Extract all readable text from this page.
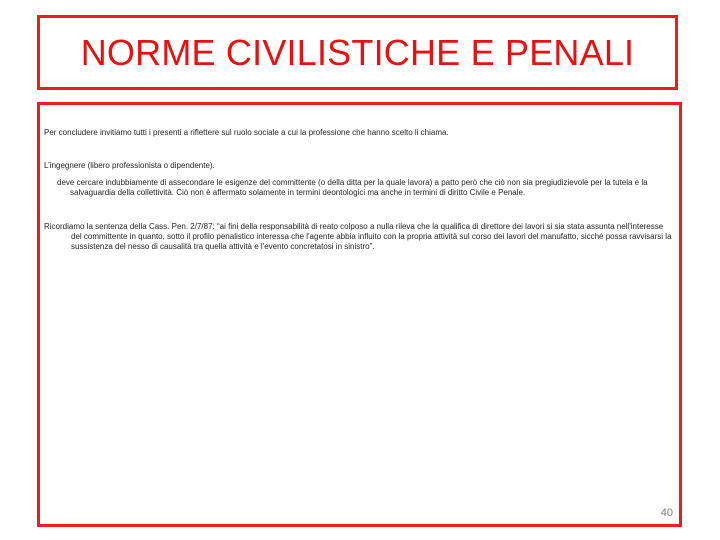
NORME CIVILISTICHE E PENALI

Per concludere invitiamo tutti i presenti a riflettere sul ruolo sociale a cui la professione che hanno scelto li chiama.

L’ingegnere (libero professionista o dipendente).

deve cercare indubbiamente di assecondare le esigenze del committente (o della ditta per la quale lavora) a patto però che ciò non sia pregiudizievole per la tutela e la salvaguardia della collettività. Ciò non è affermato solamente in termini deontologici ma anche in termini di diritto Civile e Penale.

Ricordiamo la sentenza della Cass. Pen. 2/7/87: “ai fini della responsabilità di reato colposo a nulla rileva che la qualifica di direttore dei lavori si sia stata assunta nell'interesse del committente in quanto, sotto il profilo penalistico interessa che l'agente abbia influito con la propria attività sul corso dei lavori del manufatto, sicché possa ravvisarsi la sussistenza del nesso di causalità tra quella attività e l'evento concretatosi in sinistro”.

40
